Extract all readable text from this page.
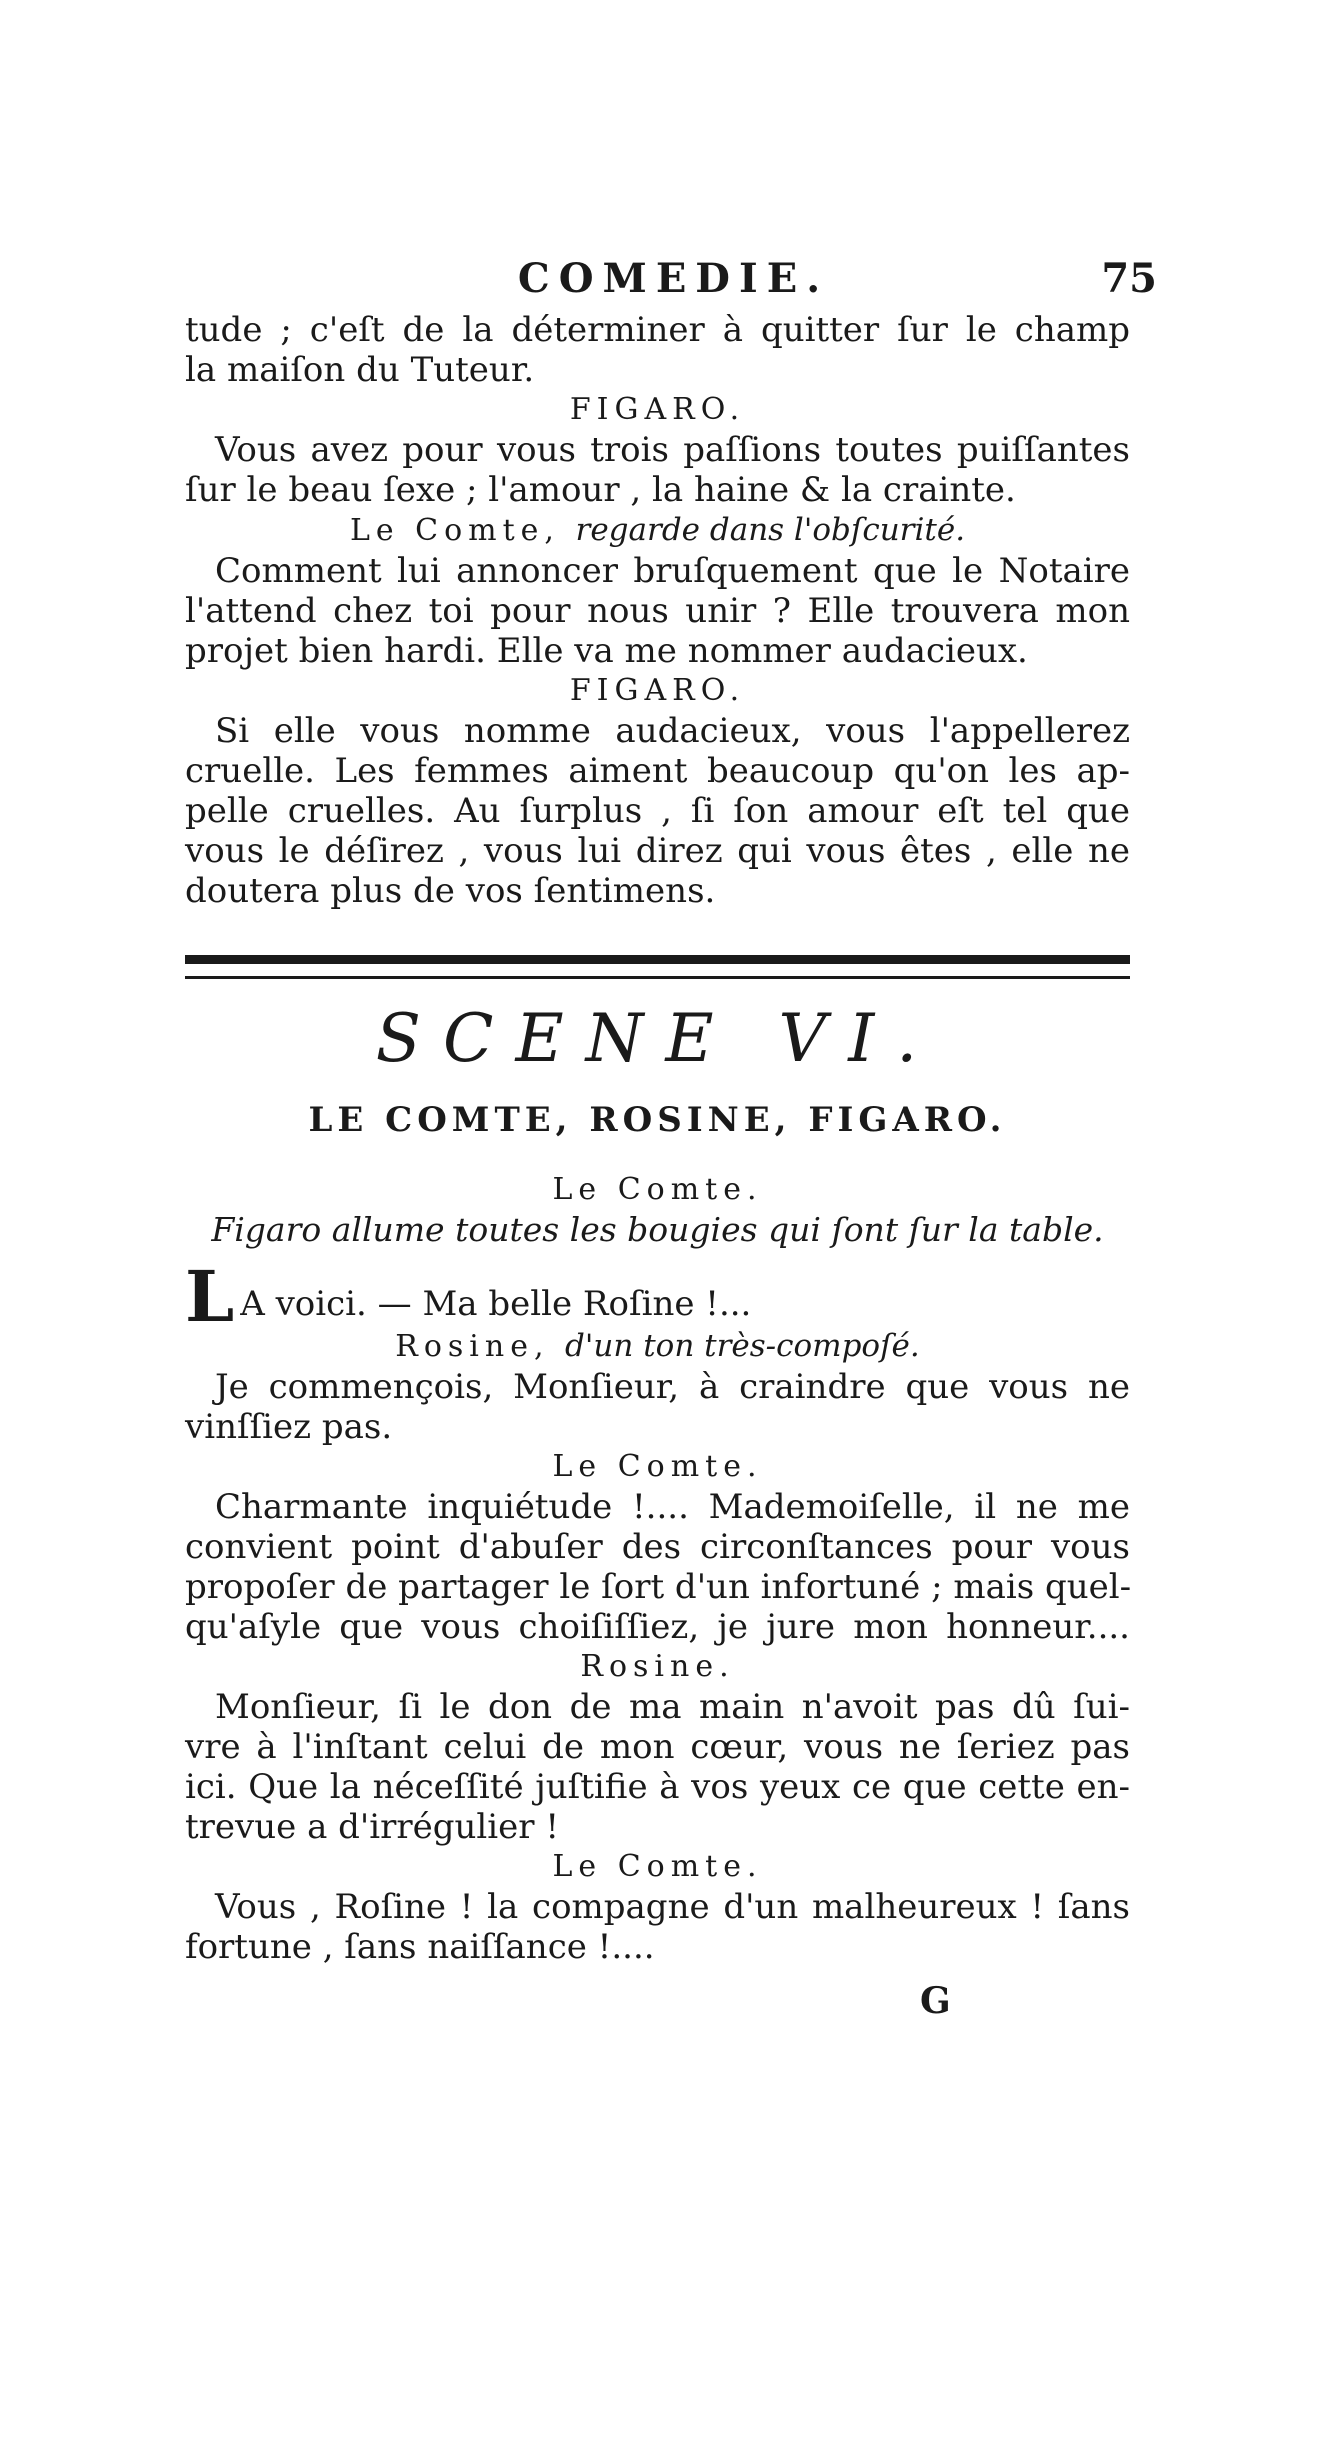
COMEDIE.	75
tude ; c'eſt de la déterminer à quitter ſur le champ
la maiſon du Tuteur.
FIGARO.
Vous avez pour vous trois paſſions toutes puiſſantes
ſur le beau ſexe ; l'amour , la haine & la crainte.
Le Comte, regarde dans l'obſcurité.
Comment lui annoncer bruſquement que le Notaire
l'attend chez toi pour nous unir ? Elle trouvera mon
projet bien hardi. Elle va me nommer audacieux.
FIGARO.
Si elle vous nomme audacieux, vous l'appellerez
cruelle. Les femmes aiment beaucoup qu'on les ap-
pelle cruelles. Au ſurplus , ſi ſon amour eſt tel que
vous le déſirez , vous lui direz qui vous êtes , elle ne
doutera plus de vos ſentimens.
SCENE VI.
LE COMTE, ROSINE, FIGARO.
Le Comte.
Figaro allume toutes les bougies qui ſont ſur la table.
L A voici. — Ma belle Roſine !...
Rosine, d'un ton très-compoſé.
Je commençois, Monſieur, à craindre que vous ne
vinſſiez pas.
Le Comte.
Charmante inquiétude !.... Mademoiſelle, il ne me
convient point d'abuſer des circonſtances pour vous
propoſer de partager le ſort d'un infortuné ; mais quel-
qu'aſyle que vous choiſiſſiez, je jure mon honneur....
Rosine.
Monſieur, ſi le don de ma main n'avoit pas dû ſui-
vre à l'inſtant celui de mon cœur, vous ne ſeriez pas
ici. Que la néceſſité juſtifie à vos yeux ce que cette en-
trevue a d'irrégulier !
Le Comte.
Vous , Roſine ! la compagne d'un malheureux ! ſans
fortune , ſans naiſſance !....
G
